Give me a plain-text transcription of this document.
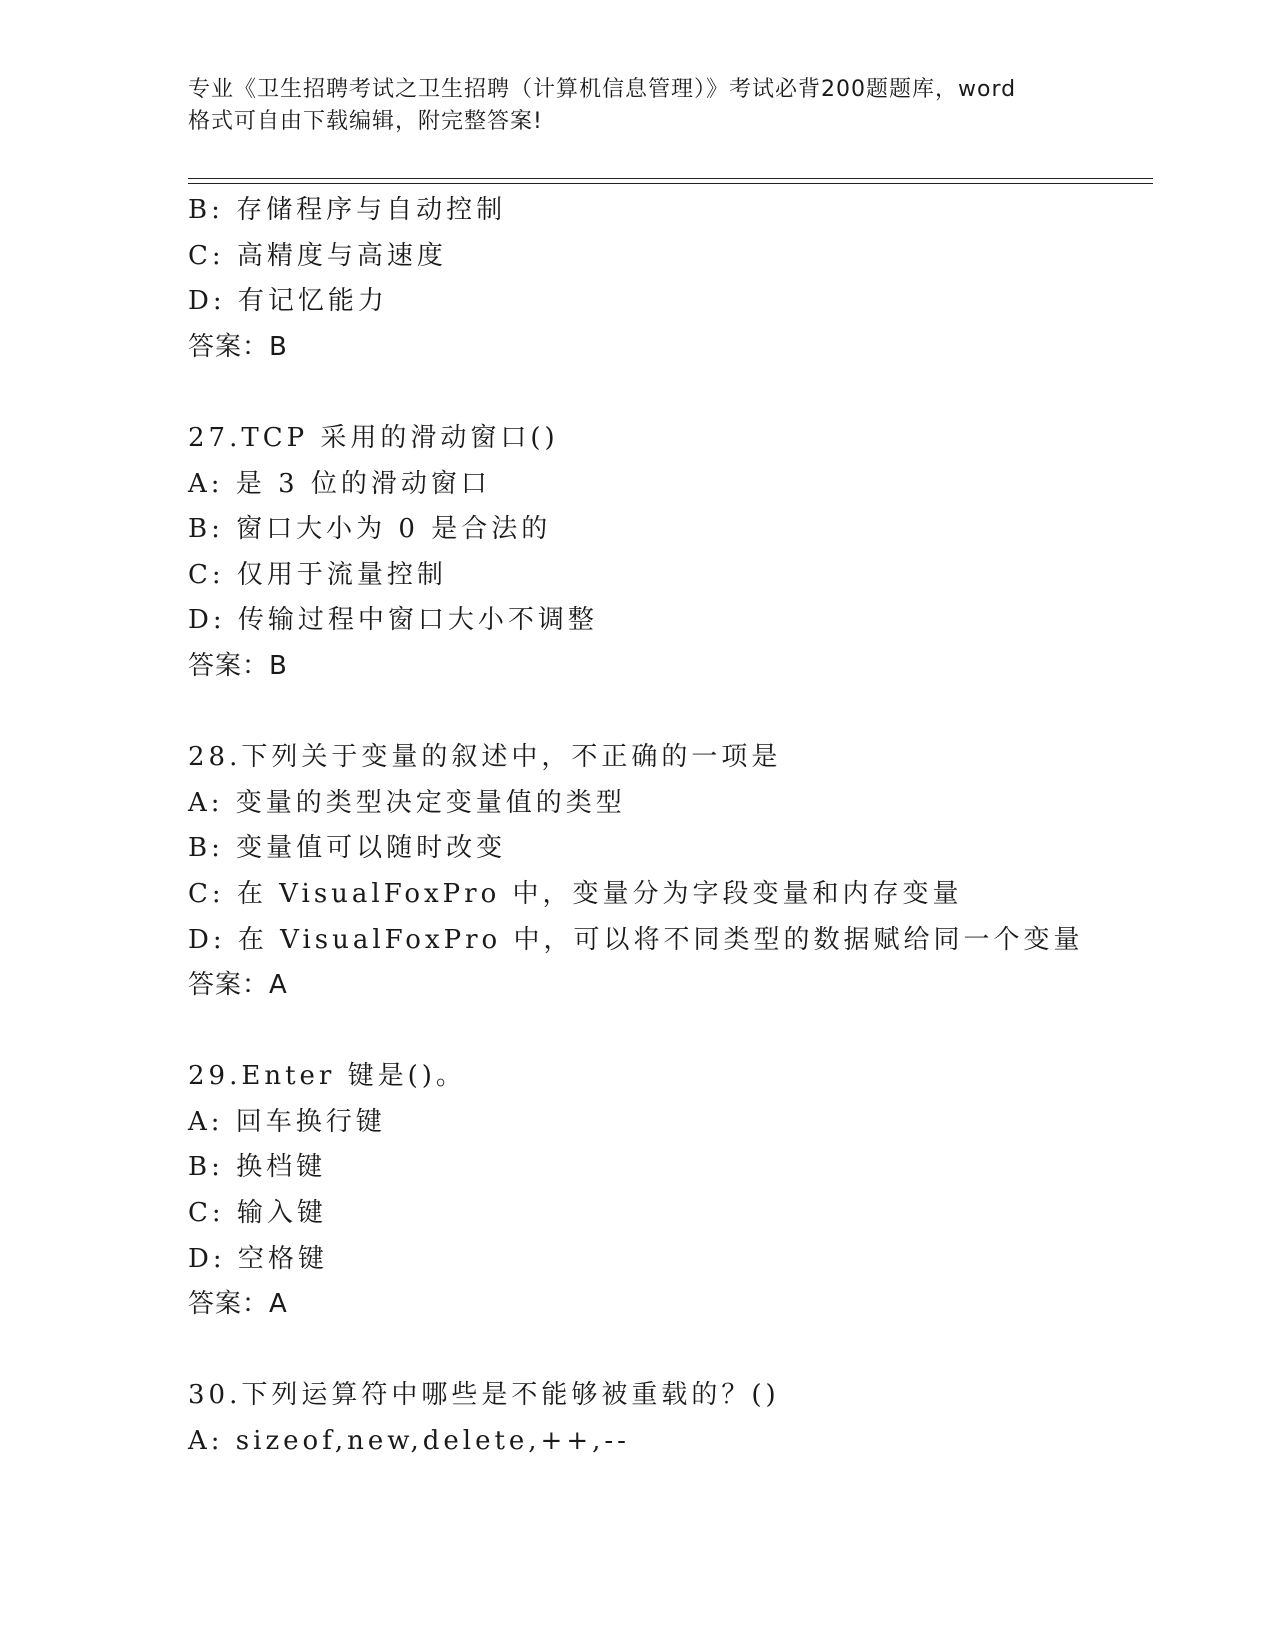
专业《卫生招聘考试之卫生招聘（计算机信息管理）》考试必背200题题库，word
格式可自由下载编辑，附完整答案!
B: 存储程序与自动控制
C: 高精度与高速度
D: 有记忆能力
答案：B
27.TCP 采用的滑动窗口()
A: 是 3 位的滑动窗口
B: 窗口大小为 0 是合法的
C: 仅用于流量控制
D: 传输过程中窗口大小不调整
答案：B
28.下列关于变量的叙述中，不正确的一项是
A: 变量的类型决定变量值的类型
B: 变量值可以随时改变
C: 在 VisualFoxPro 中，变量分为字段变量和内存变量
D: 在 VisualFoxPro 中，可以将不同类型的数据赋给同一个变量
答案：A
29.Enter 键是()。
A: 回车换行键
B: 换档键
C: 输入键
D: 空格键
答案：A
30.下列运算符中哪些是不能够被重载的？()
A: sizeof,new,delete,++,--
